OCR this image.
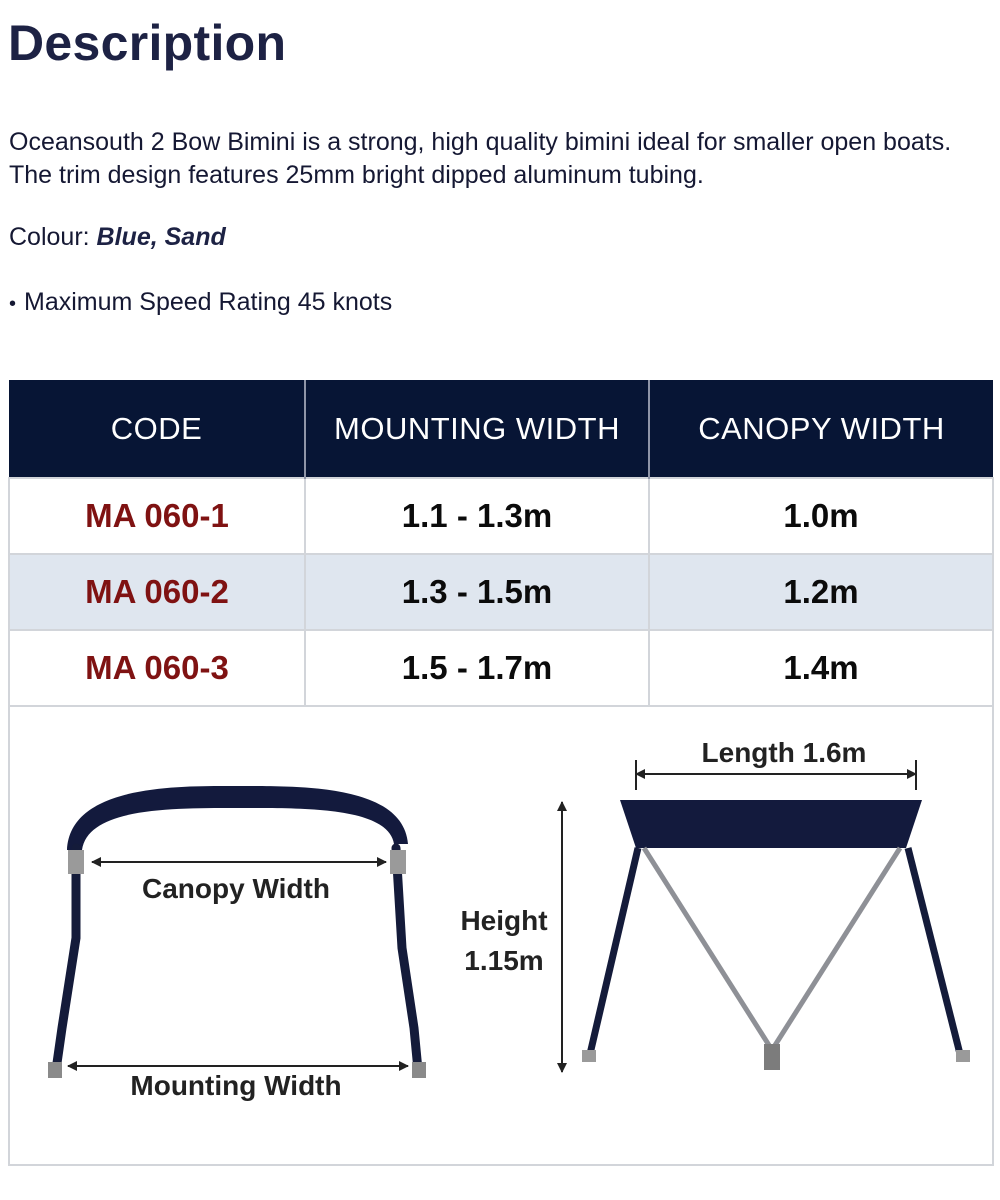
Description

Oceansouth 2 Bow Bimini is a strong, high quality bimini ideal for smaller open boats. The trim design features 25mm bright dipped aluminum tubing.

Colour: Blue, Sand

• Maximum Speed Rating 45 knots

CODE	MOUNTING WIDTH	CANOPY WIDTH
MA 060-1	1.1 - 1.3m	1.0m
MA 060-2	1.3 - 1.5m	1.2m
MA 060-3	1.5 - 1.7m	1.4m
Canopy Width
Mounting Width
Length 1.6m
Height
1.15m
